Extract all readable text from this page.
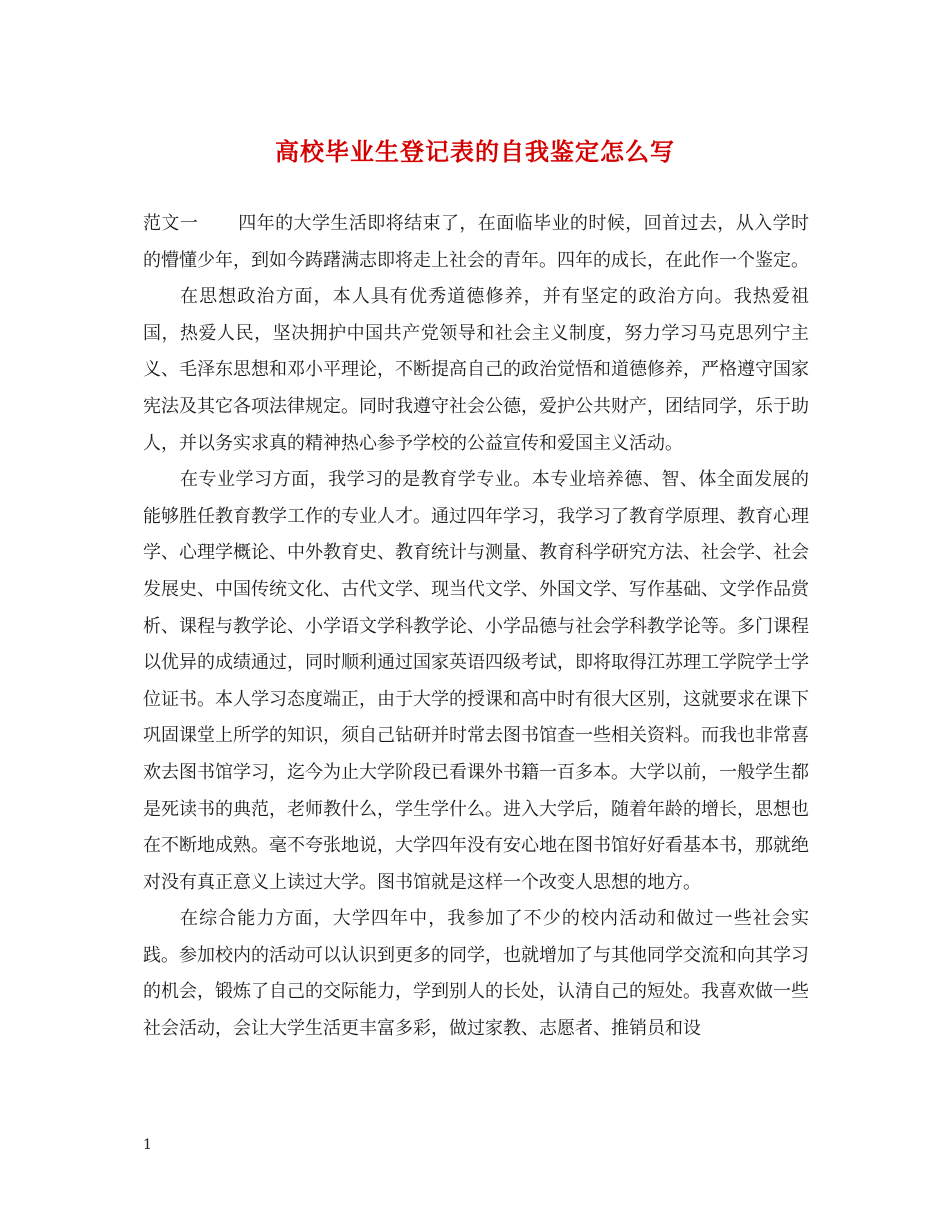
高校毕业生登记表的自我鉴定怎么写

范文一 四年的大学生活即将结束了，在面临毕业的时候，回首过去，从入学时的懵懂少年，到如今踌躇满志即将走上社会的青年。四年的成长，在此作一个鉴定。

在思想政治方面，本人具有优秀道德修养，并有坚定的政治方向。我热爱祖国，热爱人民，坚决拥护中国共产党领导和社会主义制度，努力学习马克思列宁主义、毛泽东思想和邓小平理论，不断提高自己的政治觉悟和道德修养，严格遵守国家宪法及其它各项法律规定。同时我遵守社会公德，爱护公共财产，团结同学，乐于助人，并以务实求真的精神热心参予学校的公益宣传和爱国主义活动。

在专业学习方面，我学习的是教育学专业。本专业培养德、智、体全面发展的能够胜任教育教学工作的专业人才。通过四年学习，我学习了教育学原理、教育心理学、心理学概论、中外教育史、教育统计与测量、教育科学研究方法、社会学、社会发展史、中国传统文化、古代文学、现当代文学、外国文学、写作基础、文学作品赏析、课程与教学论、小学语文学科教学论、小学品德与社会学科教学论等。多门课程以优异的成绩通过，同时顺利通过国家英语四级考试，即将取得江苏理工学院学士学位证书。本人学习态度端正，由于大学的授课和高中时有很大区别，这就要求在课下巩固课堂上所学的知识，须自己钻研并时常去图书馆查一些相关资料。而我也非常喜欢去图书馆学习，迄今为止大学阶段已看课外书籍一百多本。大学以前，一般学生都是死读书的典范，老师教什么，学生学什么。进入大学后，随着年龄的增长，思想也在不断地成熟。毫不夸张地说，大学四年没有安心地在图书馆好好看基本书，那就绝对没有真正意义上读过大学。图书馆就是这样一个改变人思想的地方。

在综合能力方面，大学四年中，我参加了不少的校内活动和做过一些社会实践。参加校内的活动可以认识到更多的同学，也就增加了与其他同学交流和向其学习的机会，锻炼了自己的交际能力，学到别人的长处，认清自己的短处。我喜欢做一些社会活动，会让大学生活更丰富多彩，做过家教、志愿者、推销员和设

1
